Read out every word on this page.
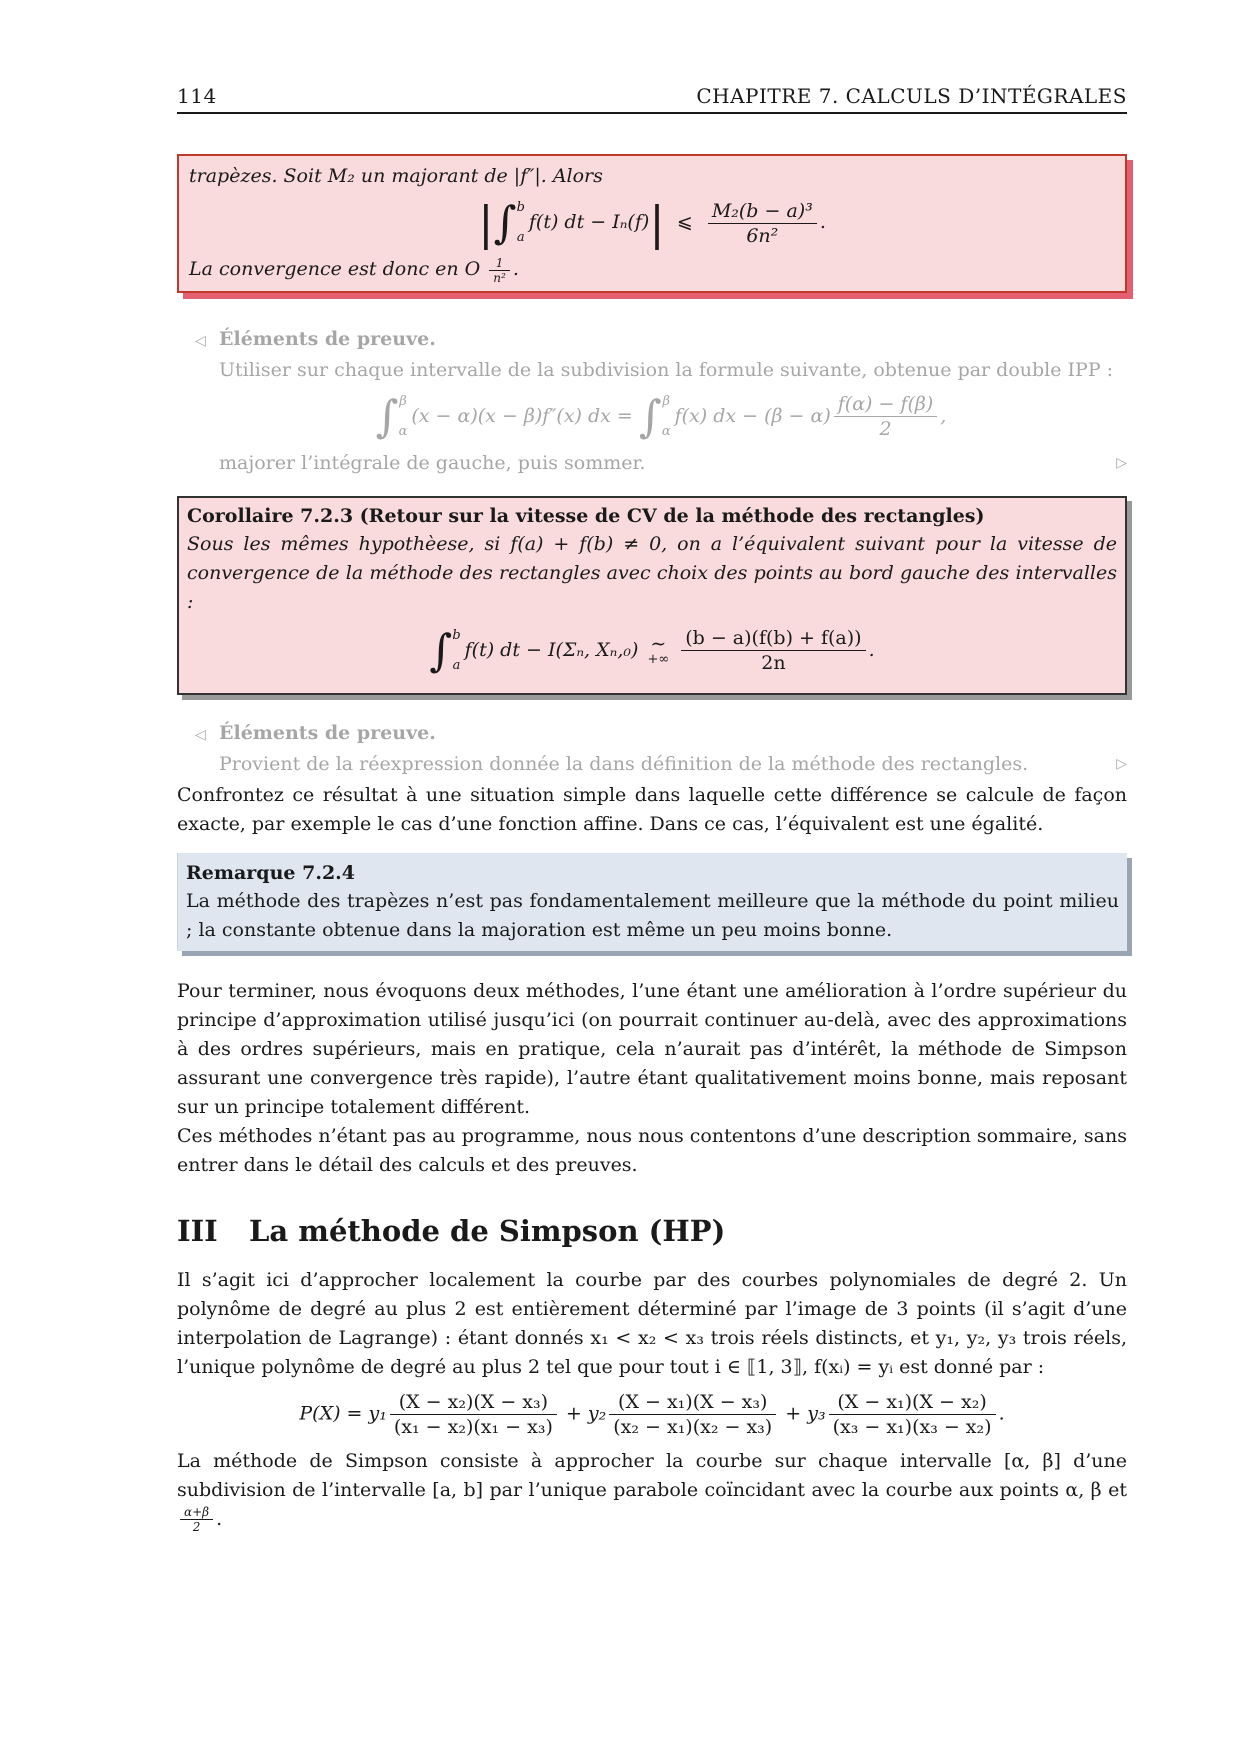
114	CHAPITRE 7. CALCULS D’INTÉGRALES
trapèzes. Soit M₂ un majorant de |f″|. Alors
|∫ b
a
f(t) dt − Iₙ(f)| ⩽ $\frac{\text{M₂(b − a)³}}{\text{6n²}}$ .
La convergence est donc en O $\frac{1}{\text{n²}}$ .
◁ Éléments de preuve.
Utiliser sur chaque intervalle de la subdivision la formule suivante, obtenue par double IPP :
∫ β
α
(x − α)(x − β)f″(x) dx = ∫ β
α
f(x) dx − $(\beta - \alpha) \frac{f(\alpha) - f(\beta)}{2}$ ,
majorer l’intégrale de gauche, puis sommer.	▷
Corollaire 7.2.3 (Retour sur la vitesse de CV de la méthode des rectangles)
Sous les mêmes hypothèese, si f(a) + f(b) ≠ 0, on a l’équivalent suivant pour la vitesse de convergence de la méthode des rectangles avec choix des points au bord gauche des intervalles :
∫ b
a
f(t) dt − I(Σₙ, Xₙ,₀) ∼
+∞
$\frac{(b - a)(f(b) + f(a))}{2n}$ .
◁ Éléments de preuve.
Provient de la réexpression donnée la dans définition de la méthode des rectangles.	▷
Confrontez ce résultat à une situation simple dans laquelle cette différence se calcule de façon exacte, par exemple le cas d’une fonction affine. Dans ce cas, l’équivalent est une égalité.
Remarque 7.2.4
La méthode des trapèzes n’est pas fondamentalement meilleure que la méthode du point milieu ; la constante obtenue dans la majoration est même un peu moins bonne.
Pour terminer, nous évoquons deux méthodes, l’une étant une amélioration à l’ordre supérieur du principe d’approximation utilisé jusqu’ici (on pourrait continuer au-delà, avec des approximations à des ordres supérieurs, mais en pratique, cela n’aurait pas d’intérêt, la méthode de Simpson assurant une convergence très rapide), l’autre étant qualitativement moins bonne, mais reposant sur un principe totalement différent.
Ces méthodes n’étant pas au programme, nous nous contentons d’une description sommaire, sans entrer dans le détail des calculs et des preuves.
III La méthode de Simpson (HP)
Il s’agit ici d’approcher localement la courbe par des courbes polynomiales de degré 2. Un polynôme de degré au plus 2 est entièrement déterminé par l’image de 3 points (il s’agit d’une interpolation de Lagrange) : étant donnés x₁ < x₂ < x₃ trois réels distincts, et y₁, y₂, y₃ trois réels, l’unique polynôme de degré au plus 2 tel que pour tout i ∈ ⟦1, 3⟧, f(xᵢ) = yᵢ est donné par :
$P(X) = y_1 \frac{\text{(X − x₂)(X − x₃)}}{\text{(x₁ − x₂)(x₁ − x₃)}} + y_2 \frac{\text{(X − x₁)(X − x₃)}}{\text{(x₂ − x₁)(x₂ − x₃)}} + y_3 \frac{\text{(X − x₁)(X − x₂)}}{\text{(x₃ − x₁)(x₃ − x₂)}}$ .
La méthode de Simpson consiste à approcher la courbe sur chaque intervalle [α, β] d’une subdivision de l’intervalle [a, b] par l’unique parabole coïncidant avec la courbe aux points α, β et
$\frac{\alpha+\beta}{2}$ .
